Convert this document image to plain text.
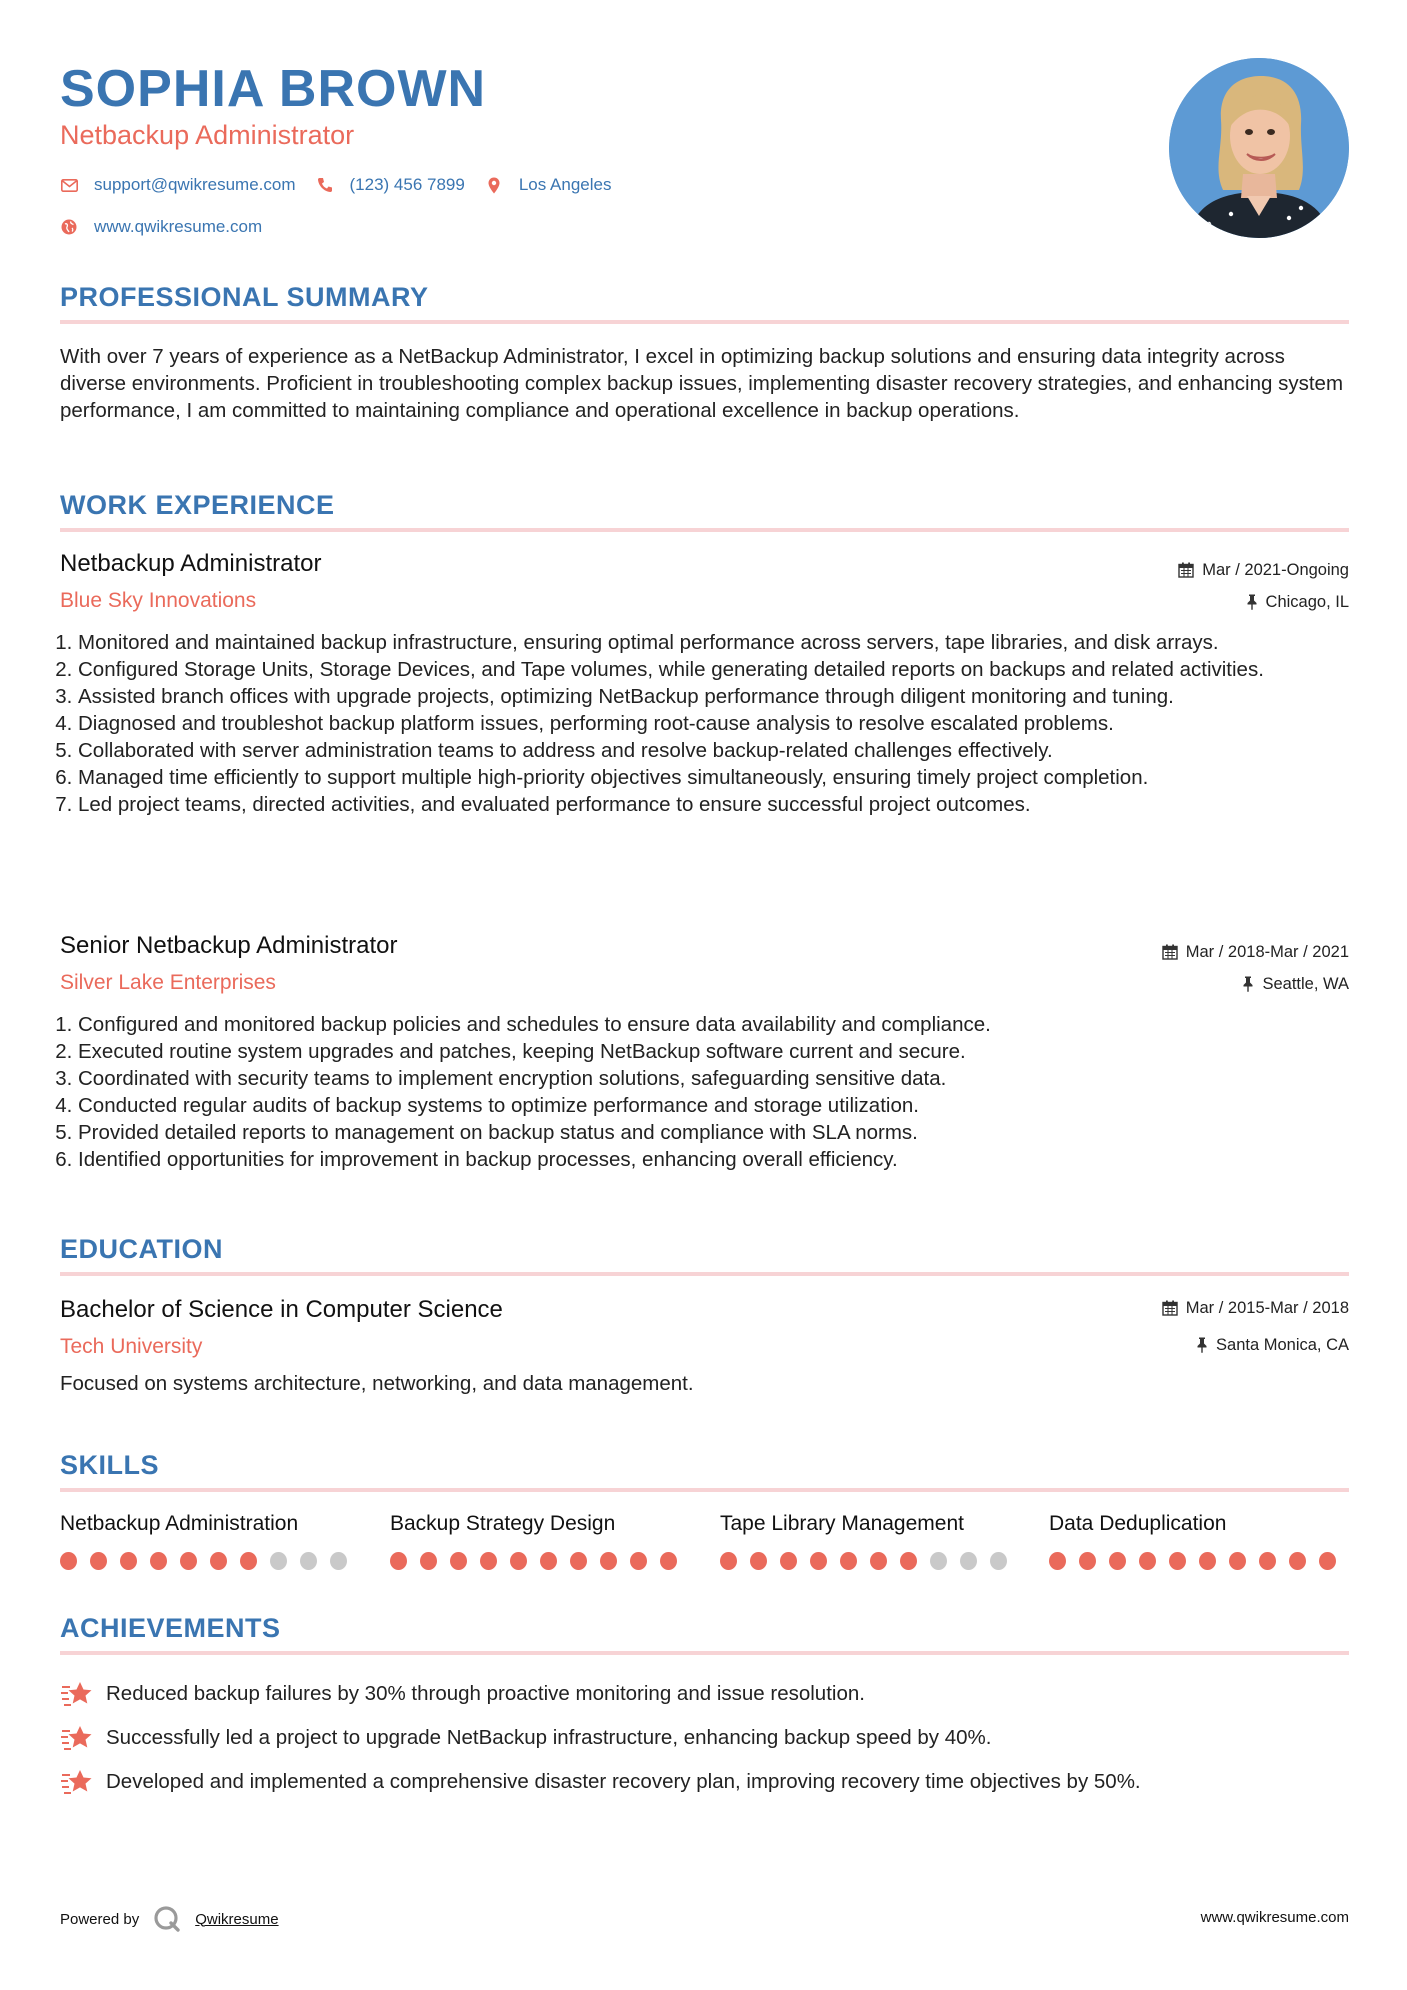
SOPHIA BROWN
Netbackup Administrator
support@qwikresume.com	(123) 456 7899	Los Angeles
www.qwikresume.com
PROFESSIONAL SUMMARY

With over 7 years of experience as a NetBackup Administrator, I excel in optimizing backup solutions and ensuring data integrity across diverse environments. Proficient in troubleshooting complex backup issues, implementing disaster recovery strategies, and enhancing system performance, I am committed to maintaining compliance and operational excellence in backup operations.

WORK EXPERIENCE
Netbackup Administrator
Blue Sky Innovations
Mar / 2021-Ongoing
Chicago, IL
1. Monitored and maintained backup infrastructure, ensuring optimal performance across servers, tape libraries, and disk arrays.
2. Configured Storage Units, Storage Devices, and Tape volumes, while generating detailed reports on backups and related activities.
3. Assisted branch offices with upgrade projects, optimizing NetBackup performance through diligent monitoring and tuning.
4. Diagnosed and troubleshot backup platform issues, performing root-cause analysis to resolve escalated problems.
5. Collaborated with server administration teams to address and resolve backup-related challenges effectively.
6. Managed time efficiently to support multiple high-priority objectives simultaneously, ensuring timely project completion.
7. Led project teams, directed activities, and evaluated performance to ensure successful project outcomes.
Senior Netbackup Administrator
Silver Lake Enterprises
Mar / 2018-Mar / 2021
Seattle, WA
1. Configured and monitored backup policies and schedules to ensure data availability and compliance.
2. Executed routine system upgrades and patches, keeping NetBackup software current and secure.
3. Coordinated with security teams to implement encryption solutions, safeguarding sensitive data.
4. Conducted regular audits of backup systems to optimize performance and storage utilization.
5. Provided detailed reports to management on backup status and compliance with SLA norms.
6. Identified opportunities for improvement in backup processes, enhancing overall efficiency.
EDUCATION
Bachelor of Science in Computer Science
Tech University
Mar / 2015-Mar / 2018
Santa Monica, CA
Focused on systems architecture, networking, and data management.
SKILLS
Netbackup Administration	Backup Strategy Design	Tape Library Management	Data Deduplication
ACHIEVEMENTS
Reduced backup failures by 30% through proactive monitoring and issue resolution.
Successfully led a project to upgrade NetBackup infrastructure, enhancing backup speed by 40%.
Developed and implemented a comprehensive disaster recovery plan, improving recovery time objectives by 50%.
Powered by	Qwikresume	www.qwikresume.com
